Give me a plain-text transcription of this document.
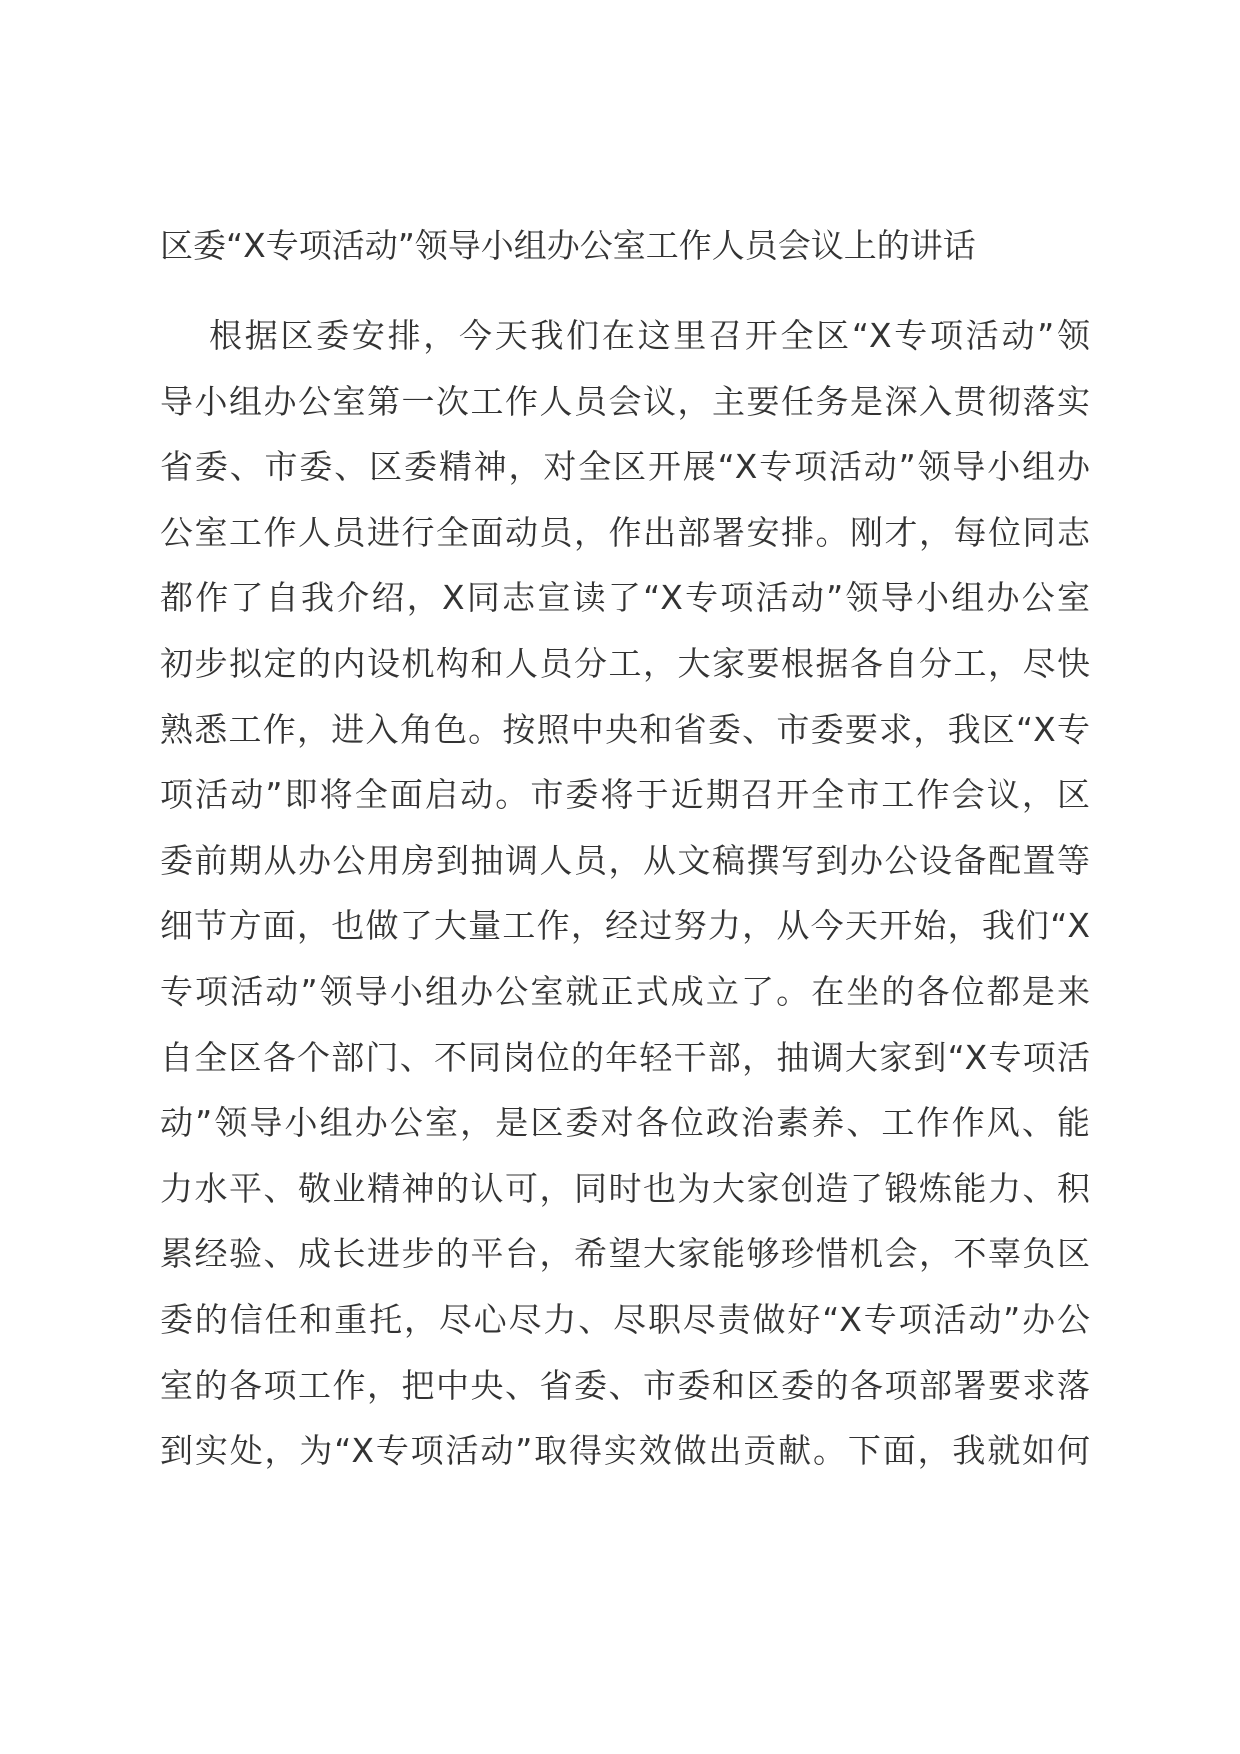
区委“X专项活动”领导小组办公室工作人员会议上的讲话
根据区委安排，今天我们在这里召开全区“X专项活动”领
导小组办公室第一次工作人员会议，主要任务是深入贯彻落实
省委、市委、区委精神，对全区开展“X专项活动”领导小组办
公室工作人员进行全面动员，作出部署安排。刚才，每位同志
都作了自我介绍，X同志宣读了“X专项活动”领导小组办公室
初步拟定的内设机构和人员分工，大家要根据各自分工，尽快
熟悉工作，进入角色。按照中央和省委、市委要求，我区“X专
项活动”即将全面启动。市委将于近期召开全市工作会议，区
委前期从办公用房到抽调人员，从文稿撰写到办公设备配置等
细节方面，也做了大量工作，经过努力，从今天开始，我们“X
专项活动”领导小组办公室就正式成立了。在坐的各位都是来
自全区各个部门、不同岗位的年轻干部，抽调大家到“X专项活
动”领导小组办公室，是区委对各位政治素养、工作作风、能
力水平、敬业精神的认可，同时也为大家创造了锻炼能力、积
累经验、成长进步的平台，希望大家能够珍惜机会，不辜负区
委的信任和重托，尽心尽力、尽职尽责做好“X专项活动”办公
室的各项工作，把中央、省委、市委和区委的各项部署要求落
到实处，为“X专项活动”取得实效做出贡献。下面，我就如何
